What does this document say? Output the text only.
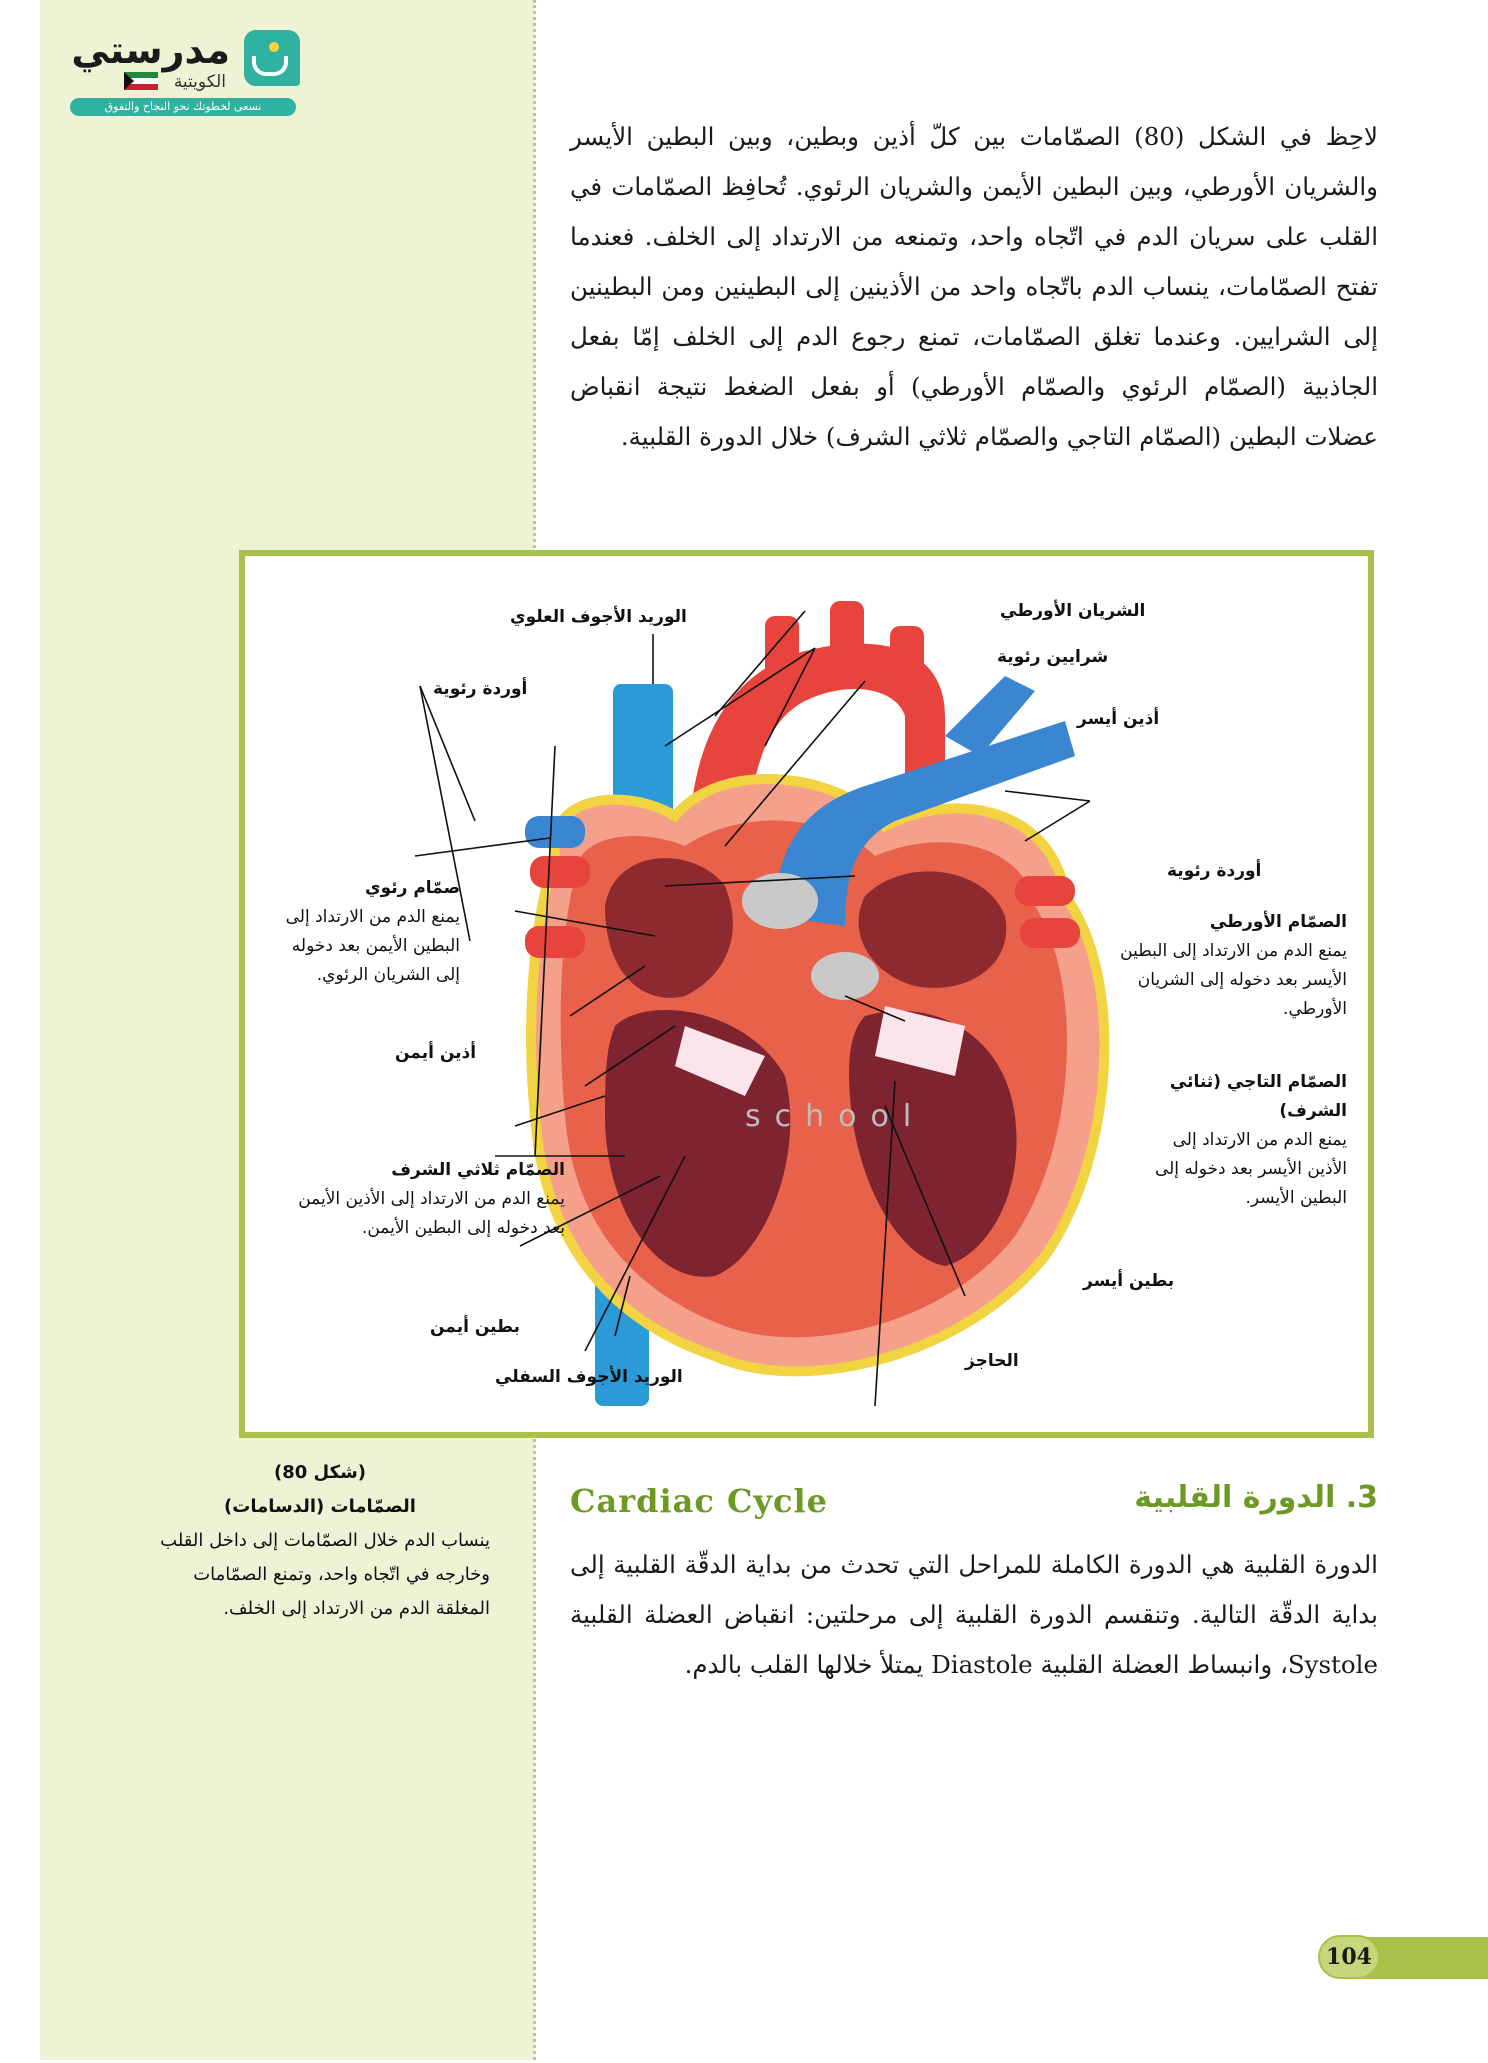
مدرستي
الكويتية
نسعى لخطوتك نحو النجاح والتفوق

لاحِظ في الشكل (80) الصمّامات بين كلّ أذين وبطين، وبين البطين الأيسر والشريان الأورطي، وبين البطين الأيمن والشريان الرئوي. تُحافِظ الصمّامات في القلب على سريان الدم في اتّجاه واحد، وتمنعه من الارتداد إلى الخلف. فعندما تفتح الصمّامات، ينساب الدم باتّجاه واحد من الأذينين إلى البطينين ومن البطينين إلى الشرايين. وعندما تغلق الصمّامات، تمنع رجوع الدم إلى الخلف إمّا بفعل الجاذبية (الصمّام الرئوي والصمّام الأورطي) أو بفعل الضغط نتيجة انقباض عضلات البطين (الصمّام التاجي والصمّام ثلاثي الشرف) خلال الدورة القلبية.

school
الوريد الأجوف العلوي	الشريان الأورطي
شرايين رئوية
أذين أيسر
أوردة رئوية
أوردة رئوية
أذين أيمن
بطين أيسر
بطين أيمن
الحاجز
الوريد الأجوف السفلي
صمّام رئوي
يمنع الدم من الارتداد إلى
البطين الأيمن بعد دخوله
إلى الشريان الرئوي.
الصمّام الأورطي
يمنع الدم من الارتداد إلى البطين
الأيسر بعد دخوله إلى الشريان
الأورطي.
الصمّام التاجي (ثنائي الشرف)
يمنع الدم من الارتداد إلى
الأذين الأيسر بعد دخوله إلى
البطين الأيسر.
الصمّام ثلاثي الشرف
يمنع الدم من الارتداد إلى الأذين الأيمن
بعد دخوله إلى البطين الأيمن.
(شكل 80)
الصمّامات (الدسامات)
ينساب الدم خلال الصمّامات إلى داخل القلب وخارجه في اتّجاه واحد، وتمنع الصمّامات المغلقة الدم من الارتداد إلى الخلف.
3. الدورة القلبية
Cardiac Cycle

الدورة القلبية هي الدورة الكاملة للمراحل التي تحدث من بداية الدقّة القلبية إلى بداية الدقّة التالية. وتنقسم الدورة القلبية إلى مرحلتين: انقباض العضلة القلبية Systole، وانبساط العضلة القلبية Diastole يمتلأ خلالها القلب بالدم.

104
